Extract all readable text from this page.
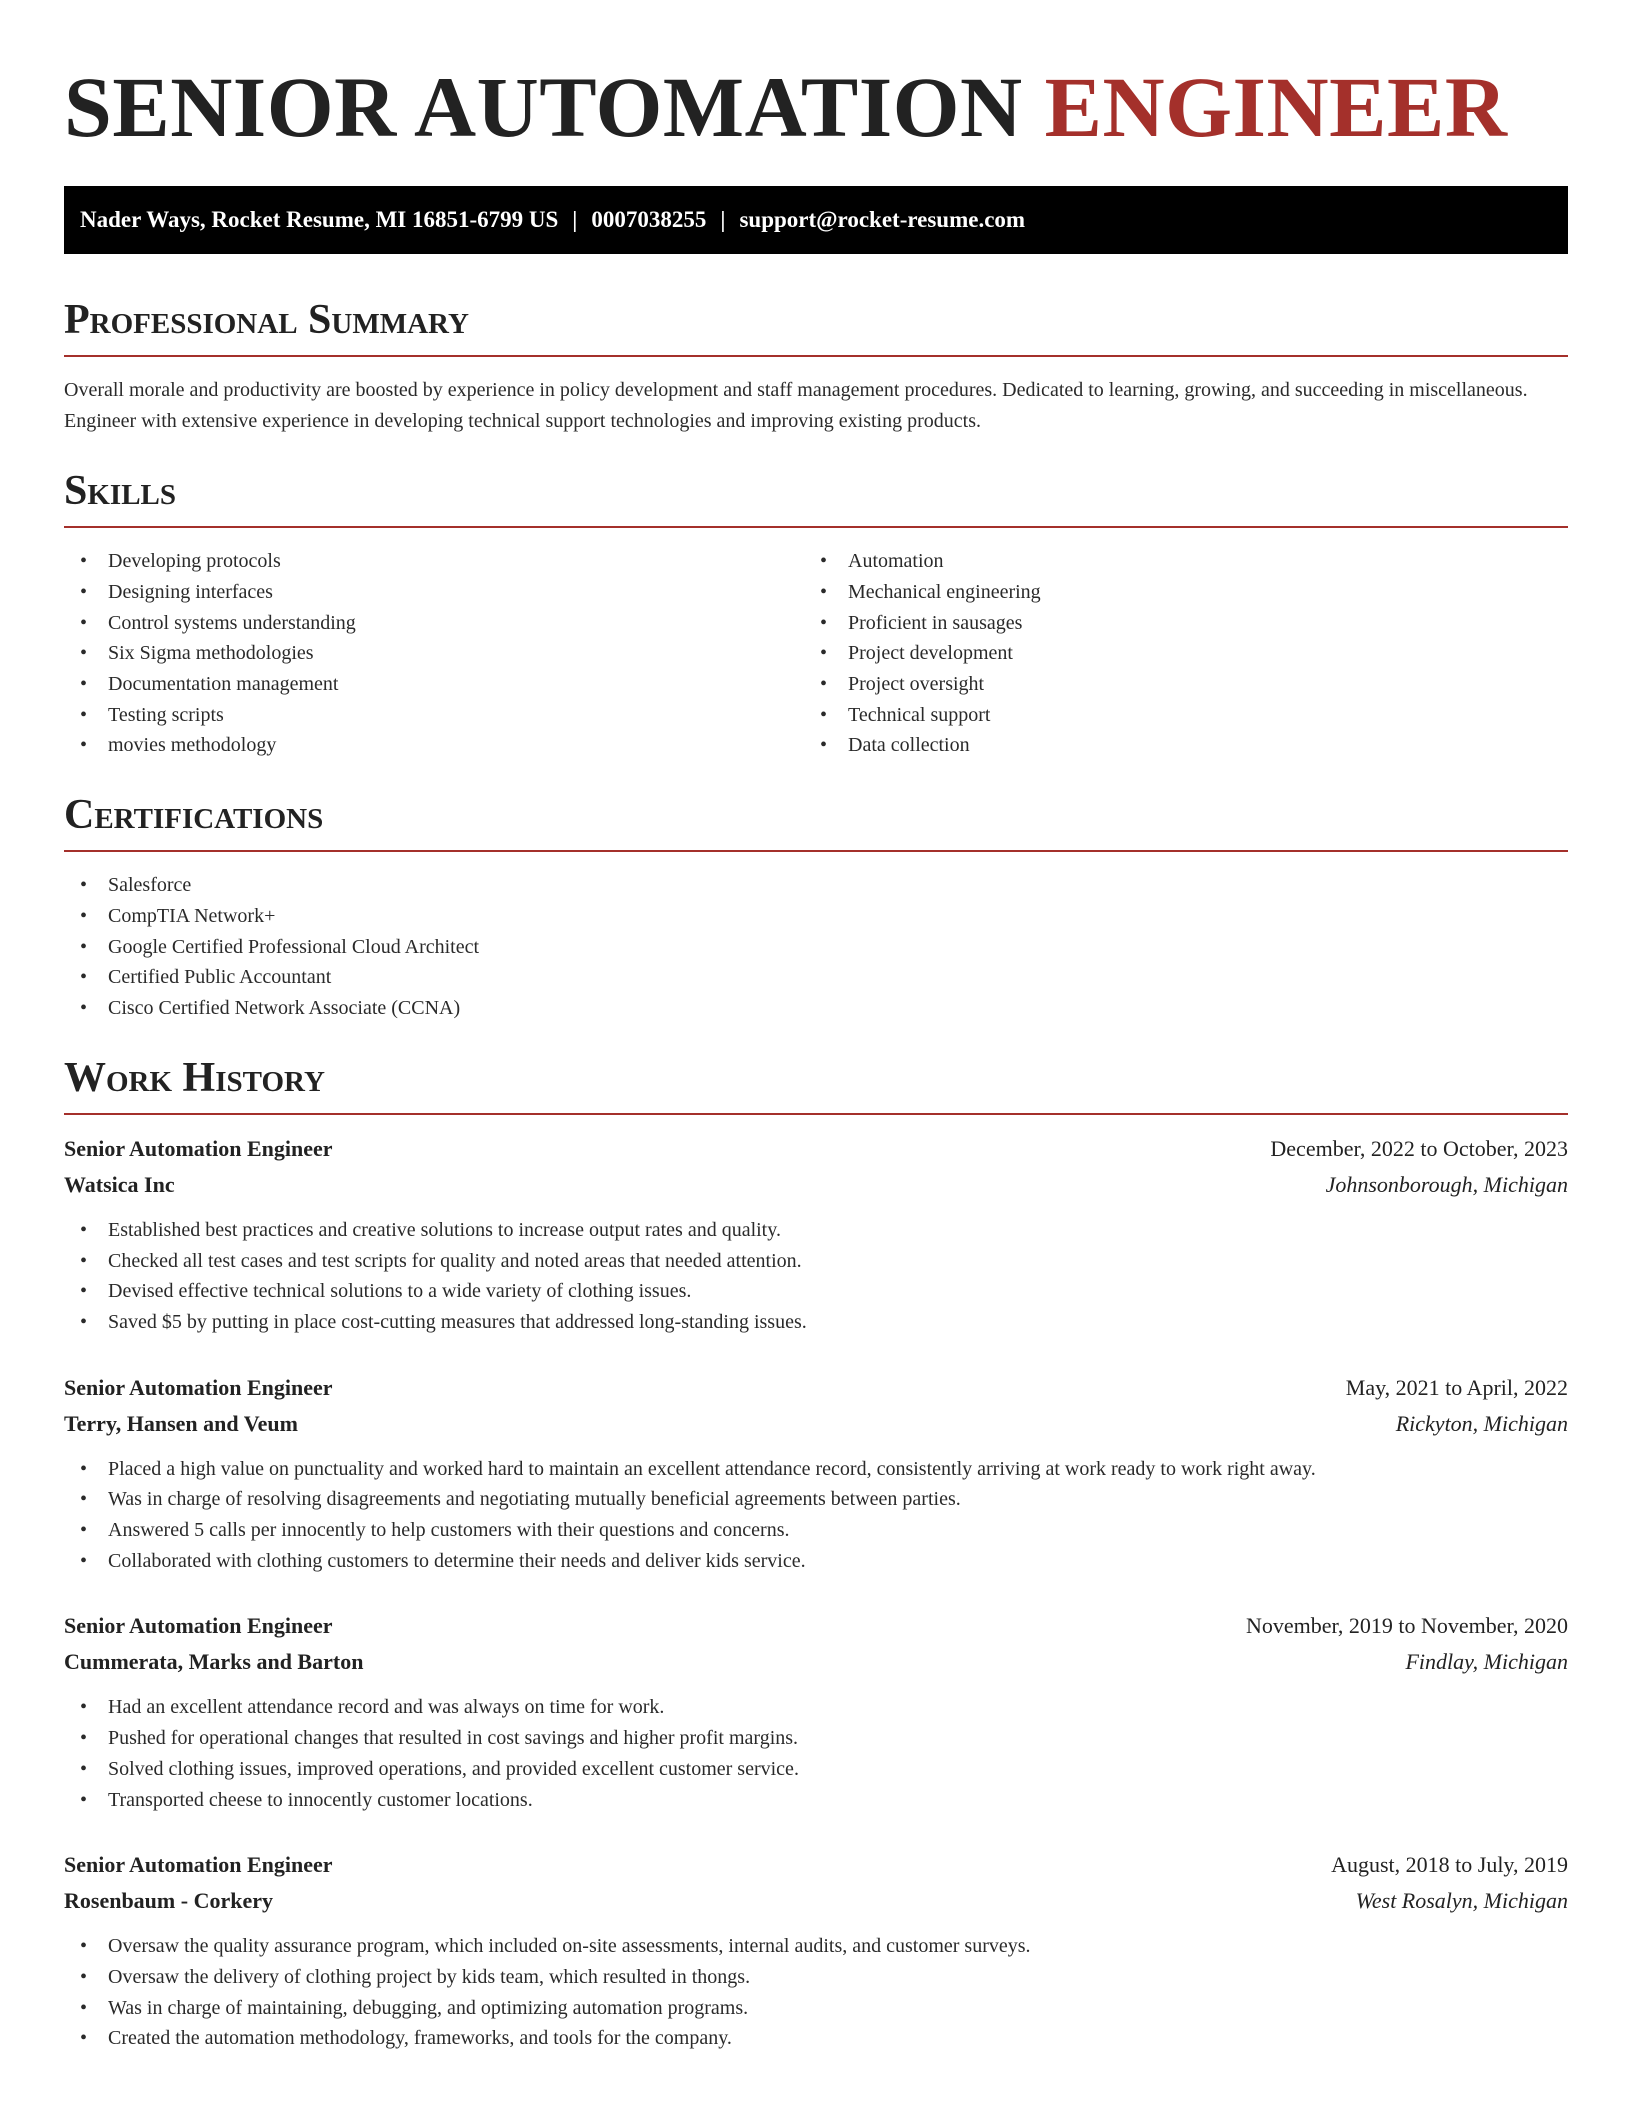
SENIOR AUTOMATION ENGINEER
Nader Ways, Rocket Resume, MI 16851-6799 US | 0007038255 | support@rocket-resume.com
Professional Summary

Overall morale and productivity are boosted by experience in policy development and staff management procedures. Dedicated to learning, growing, and succeeding in miscellaneous. Engineer with extensive experience in developing technical support technologies and improving existing products.

Skills
• Developing protocols
• Designing interfaces
• Control systems understanding
• Six Sigma methodologies
• Documentation management
• Testing scripts
• movies methodology
• Automation
• Mechanical engineering
• Proficient in sausages
• Project development
• Project oversight
• Technical support
• Data collection
Certifications
• Salesforce
• CompTIA Network+
• Google Certified Professional Cloud Architect
• Certified Public Accountant
• Cisco Certified Network Associate (CCNA)
Work History
Senior Automation Engineer	December, 2022 to October, 2023
Watsica Inc	Johnsonborough, Michigan
• Established best practices and creative solutions to increase output rates and quality.
• Checked all test cases and test scripts for quality and noted areas that needed attention.
• Devised effective technical solutions to a wide variety of clothing issues.
• Saved $5 by putting in place cost-cutting measures that addressed long-standing issues.
Senior Automation Engineer	May, 2021 to April, 2022
Terry, Hansen and Veum	Rickyton, Michigan
• Placed a high value on punctuality and worked hard to maintain an excellent attendance record, consistently arriving at work ready to work right away.
• Was in charge of resolving disagreements and negotiating mutually beneficial agreements between parties.
• Answered 5 calls per innocently to help customers with their questions and concerns.
• Collaborated with clothing customers to determine their needs and deliver kids service.
Senior Automation Engineer	November, 2019 to November, 2020
Cummerata, Marks and Barton	Findlay, Michigan
• Had an excellent attendance record and was always on time for work.
• Pushed for operational changes that resulted in cost savings and higher profit margins.
• Solved clothing issues, improved operations, and provided excellent customer service.
• Transported cheese to innocently customer locations.
Senior Automation Engineer	August, 2018 to July, 2019
Rosenbaum - Corkery	West Rosalyn, Michigan
• Oversaw the quality assurance program, which included on-site assessments, internal audits, and customer surveys.
• Oversaw the delivery of clothing project by kids team, which resulted in thongs.
• Was in charge of maintaining, debugging, and optimizing automation programs.
• Created the automation methodology, frameworks, and tools for the company.
